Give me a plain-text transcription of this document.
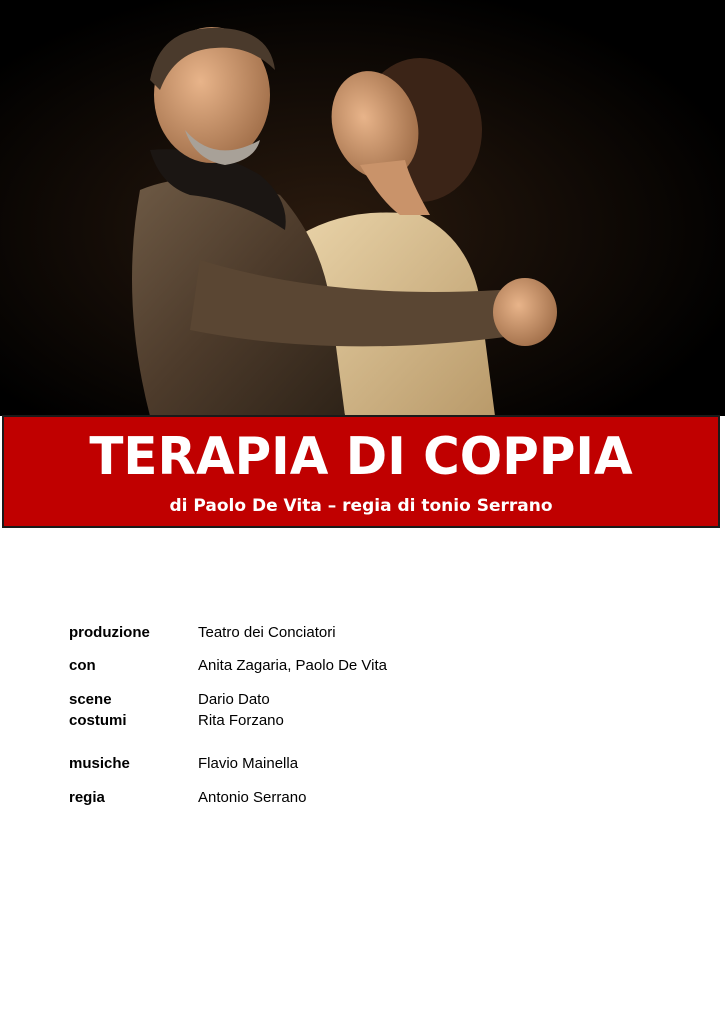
TERAPIA DI COPPIA
di Paolo De Vita – regia di tonio Serrano
produzione	Teatro dei Conciatori
con	Anita Zagaria, Paolo De Vita
scene	Dario Dato
costumi	Rita Forzano
musiche	Flavio Mainella
regia	Antonio Serrano
